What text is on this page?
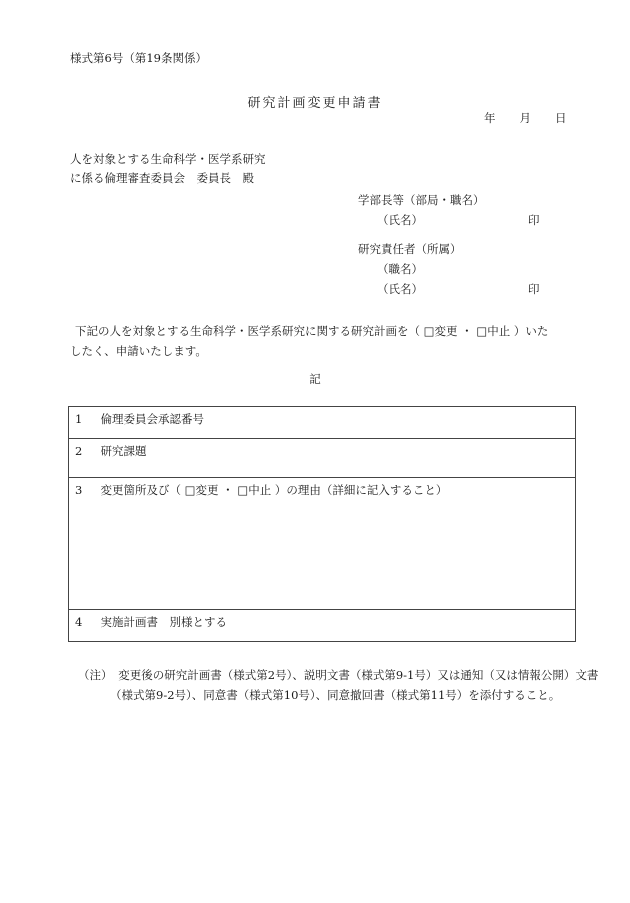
様式第6号（第19条関係）
研究計画変更申請書
年 月 日
人を対象とする生命科学・医学系研究
に係る倫理審査委員会　委員長　殿
学部長等（部局・職名）
（氏名）	印
研究責任者（所属）
（職名）
（氏名）	印
下記の人を対象とする生命科学・医学系研究に関する研究計画を（ □変更 ・ □中止 ）いた
したく、申請いたします。
記
1　 倫理委員会承認番号
2　 研究課題
3　 変更箇所及び（ □変更 ・ □中止 ）の理由（詳細に記入すること）
4　 実施計画書　別様とする
（注）　変更後の研究計画書（様式第2号）、説明文書（様式第9-1号）又は通知（又は情報公開）文書
（様式第9-2号）、同意書（様式第10号）、同意撤回書（様式第11号）を添付すること。
